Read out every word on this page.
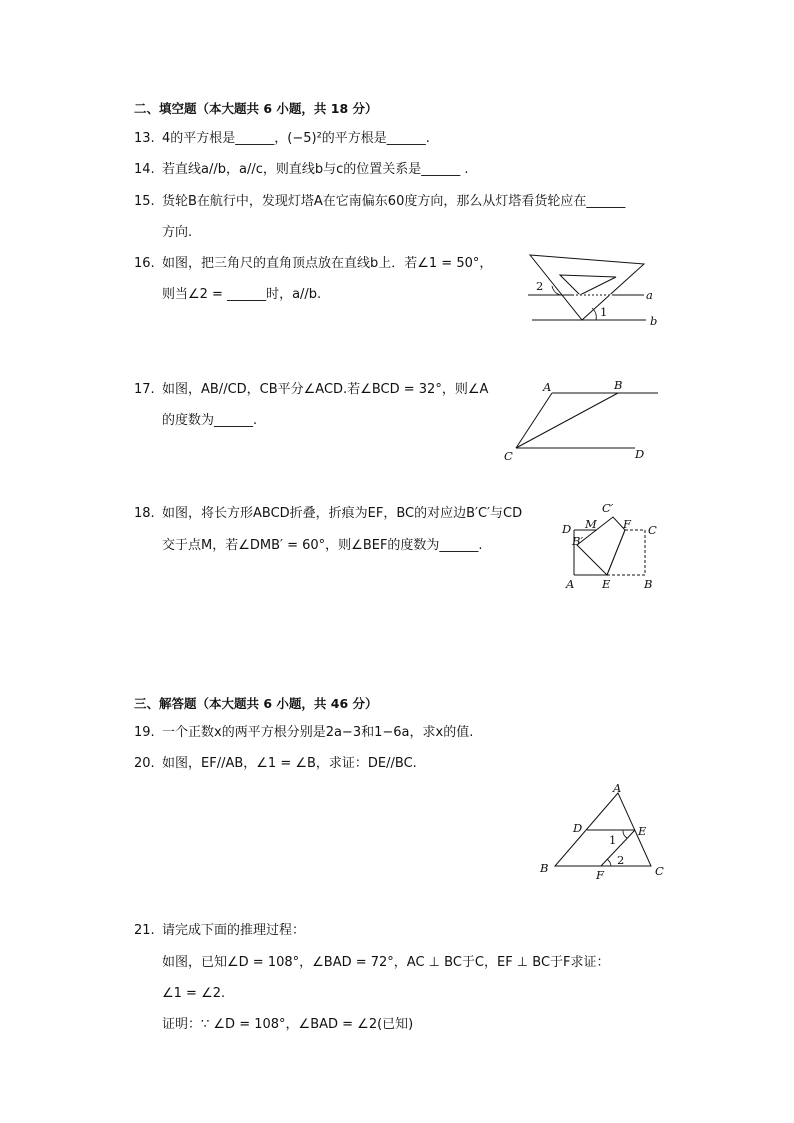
二、填空题（本大题共 6 小题，共 18 分）
13. 4的平方根是______，(−5)²的平方根是______.
14. 若直线a//b，a//c，则直线b与c的位置关系是______ .
15. 货轮B在航行中，发现灯塔A在它南偏东60度方向，那么从灯塔看货轮应在______
方向.
16. 如图，把三角尺的直角顶点放在直线b上．若∠1 = 50°，
则当∠2 = ______时，a//b.
2
1
a
b
17. 如图，AB//CD，CB平分∠ACD.若∠BCD = 32°，则∠A
的度数为______.
A	B
C	D
18. 如图，将长方形ABCD折叠，折痕为EF，BC的对应边B′C′与CD
交于点M，若∠DMB′ = 60°，则∠BEF的度数为______.
C′
D M F C
B′
A E	B
三、解答题（本大题共 6 小题，共 46 分）
19. 一个正数x的两平方根分别是2a−3和1−6a，求x的值.
20. 如图，EF//AB，∠1 = ∠B，求证：DE//BC.
A
D	E
1
2
B	F	C
21. 请完成下面的推理过程：
如图，已知∠D = 108°，∠BAD = 72°，AC ⊥ BC于C，EF ⊥ BC于F求证：
∠1 = ∠2.
证明：∵ ∠D = 108°，∠BAD = ∠2(已知)
